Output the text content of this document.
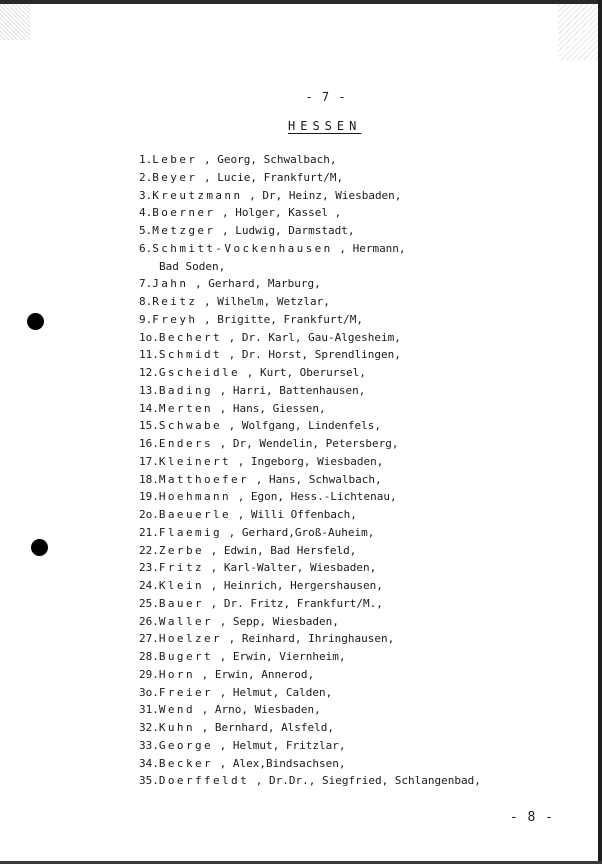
- 7 -
HESSEN
1.Leber , Georg, Schwalbach,
2.Beyer , Lucie, Frankfurt/M,
3.Kreutzmann , Dr, Heinz, Wiesbaden,
4.Boerner , Holger, Kassel ,
5.Metzger , Ludwig, Darmstadt,
6.Schmitt-Vockenhausen , Hermann,
Bad Soden,
7.Jahn , Gerhard, Marburg,
8.Reitz , Wilhelm, Wetzlar,
9.Freyh , Brigitte, Frankfurt/M,
1o.Bechert , Dr. Karl, Gau-Algesheim,
11.Schmidt , Dr. Horst, Sprendlingen,
12.Gscheidle , Kurt, Oberursel,
13.Bading , Harri, Battenhausen,
14.Merten , Hans, Giessen,
15.Schwabe , Wolfgang, Lindenfels,
16.Enders , Dr, Wendelin, Petersberg,
17.Kleinert , Ingeborg, Wiesbaden,
18.Matthoefer , Hans, Schwalbach,
19.Hoehmann , Egon, Hess.-Lichtenau,
2o.Baeuerle , Willi Offenbach,
21.Flaemig , Gerhard,Groß-Auheim,
22.Zerbe , Edwin, Bad Hersfeld,
23.Fritz , Karl-Walter, Wiesbaden,
24.Klein , Heinrich, Hergershausen,
25.Bauer , Dr. Fritz, Frankfurt/M.,
26.Waller , Sepp, Wiesbaden,
27.Hoelzer , Reinhard, Ihringhausen,
28.Bugert , Erwin, Viernheim,
29.Horn , Erwin, Annerod,
3o.Freier , Helmut, Calden,
31.Wend , Arno, Wiesbaden,
32.Kuhn , Bernhard, Alsfeld,
33.George , Helmut, Fritzlar,
34.Becker , Alex,Bindsachsen,
35.Doerffeldt , Dr.Dr., Siegfried, Schlangenbad,
- 8 -
